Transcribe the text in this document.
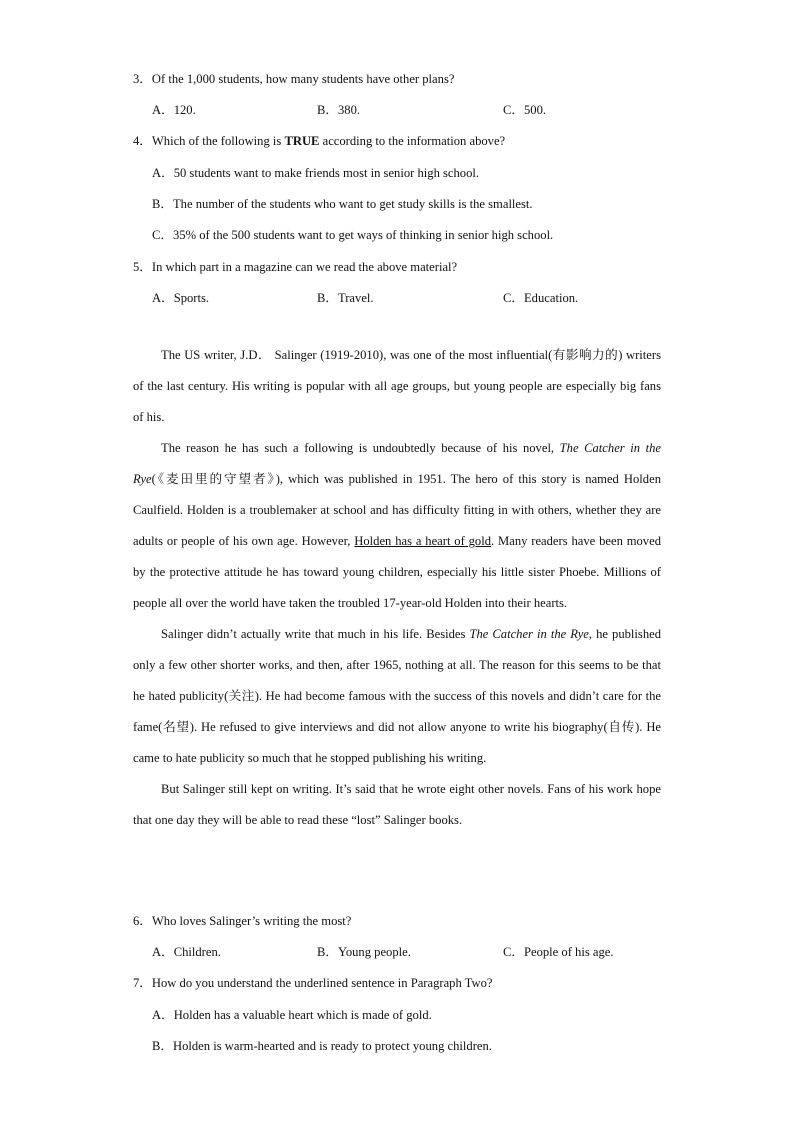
3．Of the 1,000 students, how many students have other plans?
A．120.	B．380.	C．500.
4．Which of the following is TRUE according to the information above?
A．50 students want to make friends most in senior high school.
B．The number of the students who want to get study skills is the smallest.
C．35% of the 500 students want to get ways of thinking in senior high school.
5．In which part in a magazine can we read the above material?
A．Sports.	B．Travel.	C．Education.

The US writer, J.D． Salinger (1919-2010), was one of the most influential(有影响力的) writers of the last century. His writing is popular with all age groups, but young people are especially big fans of his.

The reason he has such a following is undoubtedly because of his novel, The Catcher in the Rye(《麦田里的守望者》), which was published in 1951. The hero of this story is named Holden Caulfield. Holden is a troublemaker at school and has difficulty fitting in with others, whether they are adults or people of his own age. However, Holden has a heart of gold. Many readers have been moved by the protective attitude he has toward young children, especially his little sister Phoebe. Millions of people all over the world have taken the troubled 17-year-old Holden into their hearts.

Salinger didn’t actually write that much in his life. Besides The Catcher in the Rye, he published only a few other shorter works, and then, after 1965, nothing at all. The reason for this seems to be that he hated publicity(关注). He had become famous with the success of this novels and didn’t care for the fame(名望). He refused to give interviews and did not allow anyone to write his biography(自传). He came to hate publicity so much that he stopped publishing his writing.

But Salinger still kept on writing. It’s said that he wrote eight other novels. Fans of his work hope that one day they will be able to read these “lost” Salinger books.

6．Who loves Salinger’s writing the most?
A．Children.	B．Young people.	C．People of his age.
7．How do you understand the underlined sentence in Paragraph Two?
A．Holden has a valuable heart which is made of gold.
B．Holden is warm-hearted and is ready to protect young children.
